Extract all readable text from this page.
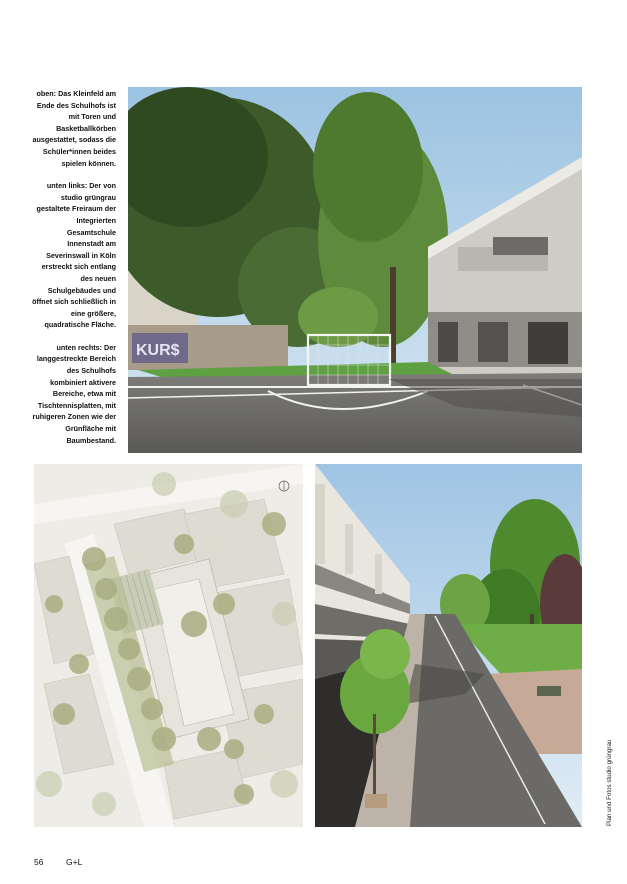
oben: Das Kleinfeld am Ende des Schulhofs ist mit Toren und Basketballkörben ausgestattet, sodass die Schüler*innen beides spielen können.

unten links: Der von studio grüngrau gestaltete Freiraum der Integrierten Gesamtschule Innenstadt am Severinswall in Köln erstreckt sich entlang des neuen Schulgebäudes und öffnet sich schließlich in eine größere, quadratische Fläche.

unten rechts: Der langgestreckte Bereich des Schulhofs kombiniert aktivere Bereiche, etwa mit Tischtennisplatten, mit ruhigeren Zonen wie der Grünfläche mit Baumbestand.

KUR$
Plan und Fotos studio grüngrau
56	G+L
